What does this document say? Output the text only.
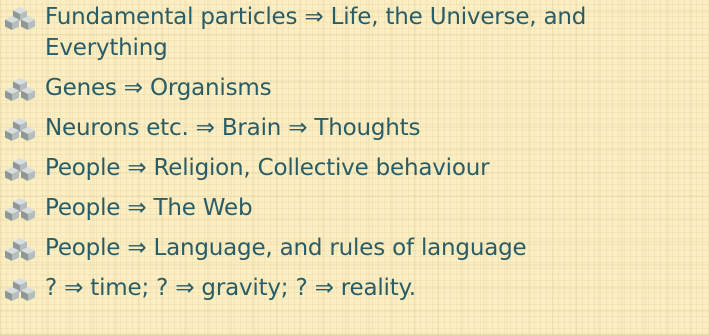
Fundamental particles ⇒ Life, the Universe, and Everything
Genes ⇒ Organisms
Neurons etc. ⇒ Brain ⇒ Thoughts
People ⇒ Religion, Collective behaviour
People ⇒ The Web
People ⇒ Language, and rules of language
? ⇒ time; ? ⇒ gravity; ? ⇒ reality.
